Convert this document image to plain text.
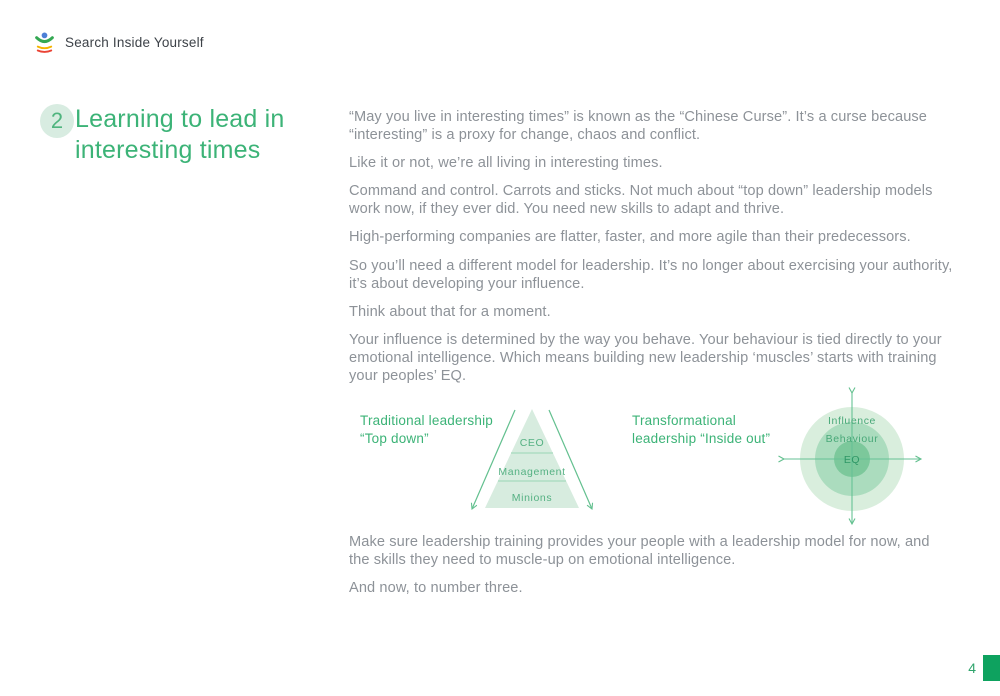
Search Inside Yourself
2 Learning to lead in interesting times

“May you live in interesting times” is known as the “Chinese Curse”. It’s a curse because “interesting” is a proxy for change, chaos and conflict.

Like it or not, we’re all living in interesting times.

Command and control. Carrots and sticks. Not much about “top down” leadership models work now, if they ever did. You need new skills to adapt and thrive.

High-performing companies are flatter, faster, and more agile than their predecessors.

So you’ll need a different model for leadership. It’s no longer about exercising your authority, it’s about developing your influence.

Think about that for a moment.

Your influence is determined by the way you behave. Your behaviour is tied directly to your emotional intelligence. Which means building new leadership ‘muscles’ starts with training your peoples’ EQ.

Traditional leadership
“Top down”	CEO
Management
Minions
Transformational
leadership “Inside out”
Influence
Behaviour
EQ

Make sure leadership training provides your people with a leadership model for now, and the skills they need to muscle-up on emotional intelligence.

And now, to number three.

4
